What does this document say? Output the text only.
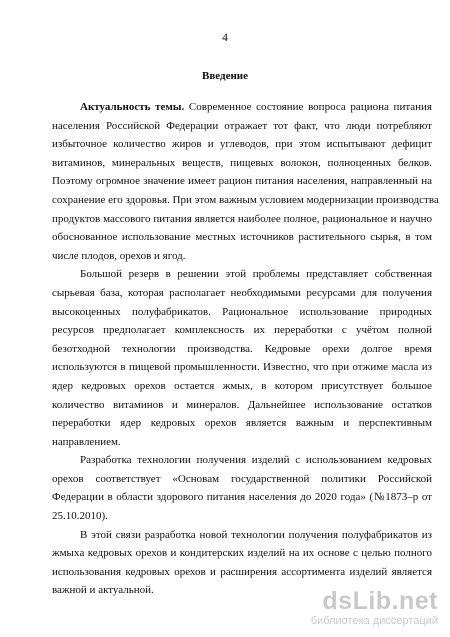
4
Введение
Актуальность темы. Современное состояние вопроса рациона питания
населения Российской Федерации отражает тот факт, что люди потребляют
избыточное количество жиров и углеводов, при этом испытывают дефицит
витаминов, минеральных веществ, пищевых волокон, полноценных белков.
Поэтому огромное значение имеет рацион питания населения, направленный на
сохранение его здоровья. При этом важным условием модернизации производства
продуктов массового питания является наиболее полное, рациональное и научно
обоснованное использование местных источников растительного сырья, в том
числе плодов, орехов и ягод.
Большой резерв в решении этой проблемы представляет собственная
сырьевая база, которая располагает необходимыми ресурсами для получения
высокоценных полуфабрикатов. Рациональное использование природных
ресурсов предполагает комплексность их переработки с учётом полной
безотходной технологии производства. Кедровые орехи долгое время
используются в пищевой промышленности. Известно, что при отжиме масла из
ядер кедровых орехов остается жмых, в котором присутствует большое
количество витаминов и минералов. Дальнейшее использование остатков
переработки ядер кедровых орехов является важным и перспективным
направлением.
Разработка технологии получения изделий с использованием кедровых
орехов соответствует «Основам государственной политики Российской
Федерации в области здорового питания населения до 2020 года» (№1873–р от
25.10.2010).
В этой связи разработка новой технологии получения полуфабрикатов из
жмыхa кедровых орехов и кондитерских изделий на их основе с целью полного
использования кедровых орехов и расширения ассортимента изделий является
важной и актуальной.	dsLib.net
библиотека диссертаций
